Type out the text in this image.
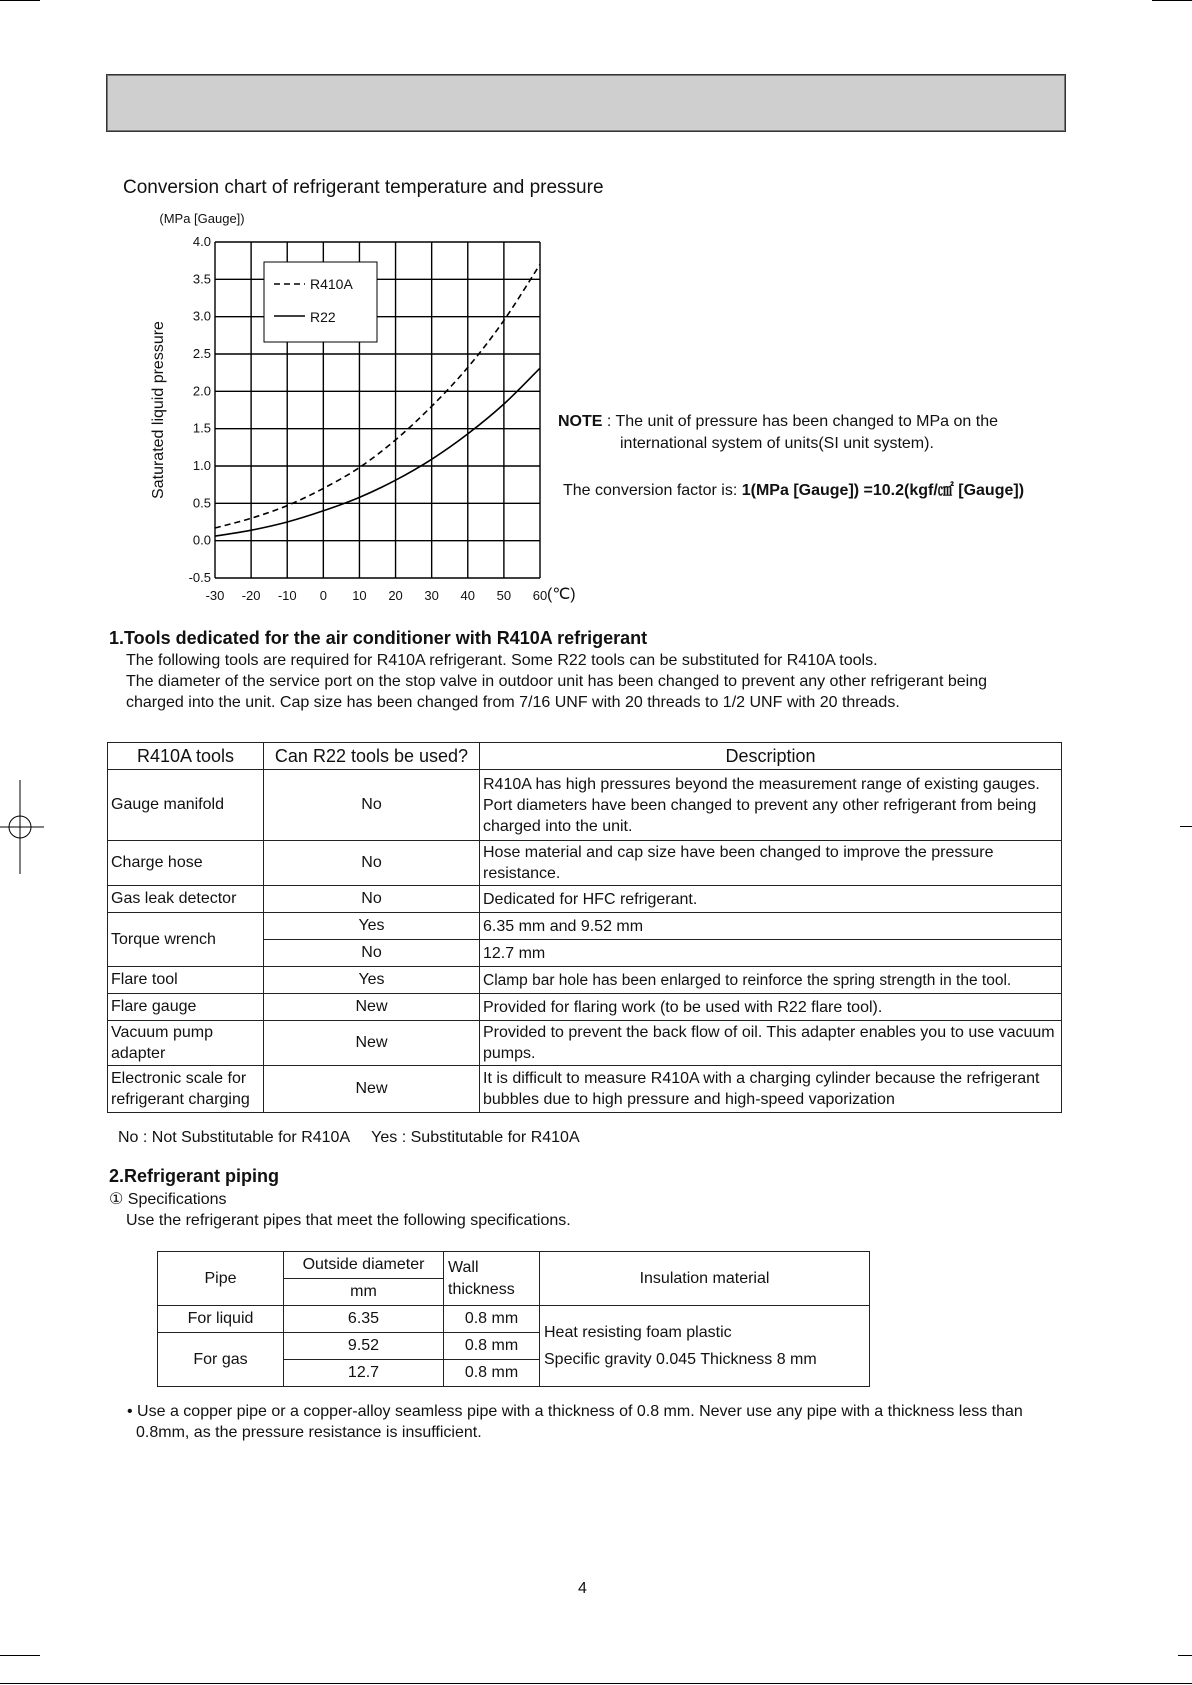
Conversion chart of refrigerant temperature and pressure
-0.5
0.0
0.5
1.0
1.5
2.0
2.5
3.0
3.5
4.0
-30 -20 -10 0 10 20 30 40 50 60
(MPa [Gauge])
(℃)
Saturated liquid pressure
R410A
R22
NOTE : The unit of pressure has been changed to MPa on the
international system of units(SI unit system).
The conversion factor is: 1(MPa [Gauge]) =10.2(kgf/㎠ [Gauge])
1.Tools dedicated for the air conditioner with R410A refrigerant
The following tools are required for R410A refrigerant. Some R22 tools can be substituted for R410A tools.
The diameter of the service port on the stop valve in outdoor unit has been changed to prevent any other refrigerant being
charged into the unit. Cap size has been changed from 7/16 UNF with 20 threads to 1/2 UNF with 20 threads.
R410A tools	Can R22 tools be used?	Description
Gauge manifold	No	R410A has high pressures beyond the measurement range of existing gauges. Port diameters have been changed to prevent any other refrigerant from being charged into the unit.
Charge hose	No	Hose material and cap size have been changed to improve the pressure resistance.
Gas leak detector	No	Dedicated for HFC refrigerant.
Torque wrench	Yes	6.35 mm and 9.52 mm
	No	12.7 mm
Flare tool	Yes	Clamp bar hole has been enlarged to reinforce the spring strength in the tool.
Flare gauge	New	Provided for flaring work (to be used with R22 flare tool).
Vacuum pump adapter	New	Provided to prevent the back flow of oil. This adapter enables you to use vacuum pumps.
Electronic scale for refrigerant charging	New	It is difficult to measure R410A with a charging cylinder because the refrigerant bubbles due to high pressure and high-speed vaporization
No : Not Substitutable for R410A     Yes : Substitutable for R410A
2.Refrigerant piping
① Specifications
Use the refrigerant pipes that meet the following specifications.
Pipe	Outside diameter	Wall thickness	Insulation material
	mm		
For liquid	6.35	0.8 mm	Heat resisting foam plastic
Specific gravity 0.045 Thickness 8 mm

For gas	9.52	0.8 mm	
	12.7	0.8 mm	
• Use a copper pipe or a copper-alloy seamless pipe with a thickness of 0.8 mm. Never use any pipe with a thickness less than 0.8mm, as the pressure resistance is insufficient.
4
